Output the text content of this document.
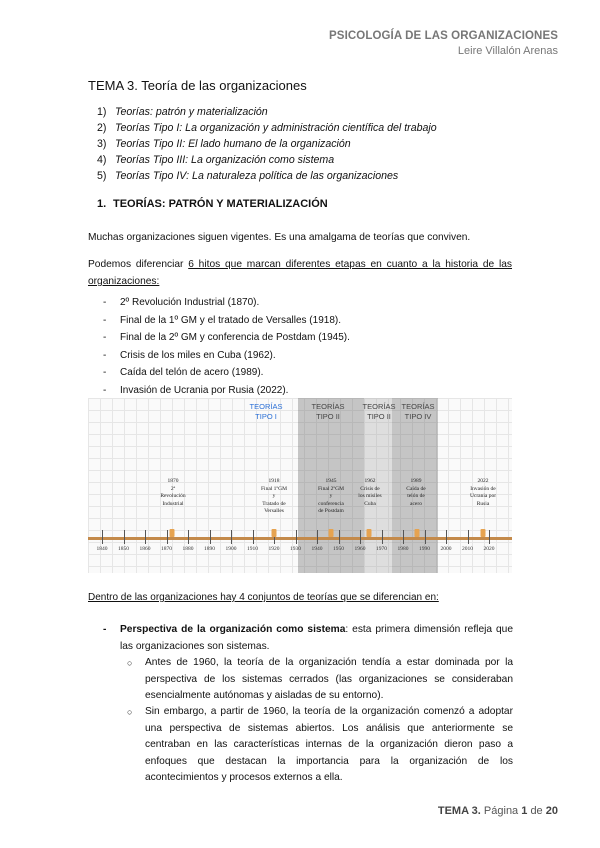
PSICOLOGÍA DE LAS ORGANIZACIONES
Leire Villalón Arenas
TEMA 3. Teoría de las organizaciones
1) Teorías: patrón y materialización
2) Teorías Tipo I: La organización y administración científica del trabajo
3) Teorías Tipo II: El lado humano de la organización
4) Teorías Tipo III: La organización como sistema
5) Teorías Tipo IV: La naturaleza política de las organizaciones
1. TEORÍAS: PATRÓN Y MATERIALIZACIÓN
Muchas organizaciones siguen vigentes. Es una amalgama de teorías que conviven.
Podemos diferenciar 6 hitos que marcan diferentes etapas en cuanto a la historia de las organizaciones:
- 2º Revolución Industrial (1870).
- Final de la 1º GM y el tratado de Versalles (1918).
- Final de la 2º GM y conferencia de Postdam (1945).
- Crisis de los miles en Cuba (1962).
- Caída del telón de acero (1989).
- Invasión de Ucrania por Rusia (2022).
TEORÍAS
TIPO I
TEORÍAS
TIPO II
TEORÍAS
TIPO II
TEORÍAS
TIPO IV
1870
2ª
Revolución
Industrial
1918
Final 1ºGM
y
Tratado de
Versalles
1945
Final 2ºGM
y
conferencia
de Postdam
1962
Crisis de
los misiles
Cuba
1989
Caída de
telón de
acero
2022
Invasión de
Ucrania por
Rusia
1840 1850 1860 1870 1880 1890 1900 1910 1920 1930 1940 1950 1960 1970 1980 1990 2000 2010 2020
Dentro de las organizaciones hay 4 conjuntos de teorías que se diferencian en:
- Perspectiva de la organización como sistema: esta primera dimensión refleja que las organizaciones son sistemas.
○ Antes de 1960, la teoría de la organización tendía a estar dominada por la perspectiva de los sistemas cerrados (las organizaciones se consideraban esencialmente autónomas y aisladas de su entorno).
○ Sin embargo, a partir de 1960, la teoría de la organización comenzó a adoptar una perspectiva de sistemas abiertos. Los análisis que anteriormente se centraban en las características internas de la organización dieron paso a enfoques que destacan la importancia para la organización de los acontecimientos y procesos externos a ella.
TEMA 3. Página 1 de 20
